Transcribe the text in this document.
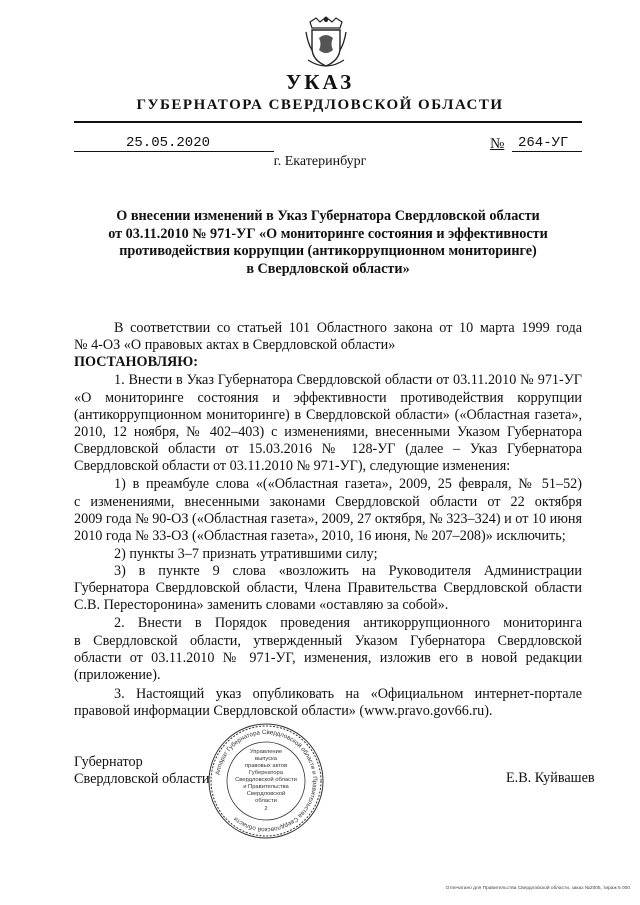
УКАЗ
ГУБЕРНАТОРА СВЕРДЛОВСКОЙ ОБЛАСТИ
25.05.2020	№ 264-УГ
г. Екатеринбург
О внесении изменений в Указ Губернатора Свердловской области
от 03.11.2010 № 971-УГ «О мониторинге состояния и эффективности
противодействия коррупции (антикоррупционном мониторинге)
в Свердловской области»
В соответствии со статьей 101 Областного закона от 10 марта 1999 года
№ 4-ОЗ «О правовых актах в Свердловской области»
ПОСТАНОВЛЯЮ:
1. Внести в Указ Губернатора Свердловской области от 03.11.2010 № 971-УГ
«О мониторинге состояния и эффективности противодействия коррупции
(антикоррупционном мониторинге) в Свердловской области» («Областная газета»,
2010, 12 ноября, № 402–403) с изменениями, внесенными Указом Губернатора
Свердловской области от 15.03.2016 № 128-УГ (далее – Указ Губернатора
Свердловской области от 03.11.2010 № 971-УГ), следующие изменения:
1) в преамбуле слова «(«Областная газета», 2009, 25 февраля, № 51–52)
с изменениями, внесенными законами Свердловской области от 22 октября
2009 года № 90-ОЗ («Областная газета», 2009, 27 октября, № 323–324) и от 10 июня
2010 года № 33-ОЗ («Областная газета», 2010, 16 июня, № 207–208)» исключить;
2) пункты 3–7 признать утратившими силу;
3) в пункте 9 слова «возложить на Руководителя Администрации
Губернатора Свердловской области, Члена Правительства Свердловской области
С.В. Пересторонина» заменить словами «оставляю за собой».
2. Внести в Порядок проведения антикоррупционного мониторинга
в Свердловской области, утвержденный Указом Губернатора Свердловской
области от 03.11.2010 № 971-УГ, изменения, изложив его в новой редакции
(приложение).
3. Настоящий указ опубликовать на «Официальном интернет-портале
правовой информации Свердловской области» (www.pravo.gov66.ru).
Губернатор
Свердловской области	Е.В. Куйвашев
Аппарат Губернатора Свердловской области и Правительства Свердловской области
Управление
выпуска
правовых актов
Губернатора
Свердловской области
и Правительства
Свердловской
области
2
Отпечатано для Правительства Свердловской области, заказ №2005, тираж 5 000
